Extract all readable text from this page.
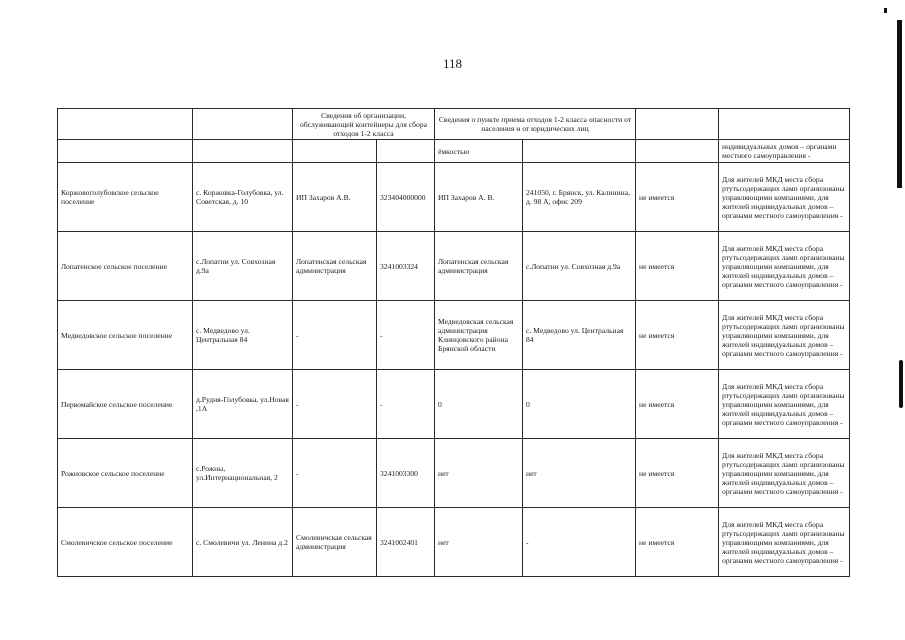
118
		Сведения об организации, обслуживающей контейнеры для сбора отходов 1-2 класса		Сведения о пункте приема отходов 1-2 класса опасности от населения и от юридических лиц			
				ёмкостью			индивидуальных домов – органами местного самоуправления -
Коржовоголубовское сельское поселение	с. Коржовка-Голубовка, ул. Советская, д. 10	ИП Захаров А.В.	323404000000	ИП Захаров А. В.	241050, г. Брянск, ул. Калинина, д. 98 А, офис 209	не имеется	Для жителей МКД места сбора ртутьсодержащих ламп организованы управляющими компаниями, для жителей индивидуальных домов – органами местного самоуправления -
Лопатенское сельское поселение	с.Лопатни ул. Совхозная д.9а	Лопатенская сельская администрация	3241003324	Лопатенская сельская администрация	с.Лопатни ул. Совхозная д.9а	не имеется	Для жителей МКД места сбора ртутьсодержащих ламп организованы управляющими компаниями, для жителей индивидуальных домов – органами местного самоуправления -
Медведовское сельское поселение	с. Медведово ул. Центральная 84	-	-	Медведовская сельская администрация Клинцовского района Брянской области	с. Медведово ул. Центральная 84	не имеется	Для жителей МКД места сбора ртутьсодержащих ламп организованы управляющими компаниями, для жителей индивидуальных домов – органами местного самоуправления -
Первомайское сельское поселение	д.Рудня-Голубовка, ул.Новая ,1А	-	-	0	0	не имеется	Для жителей МКД места сбора ртутьсодержащих ламп организованы управляющими компаниями, для жителей индивидуальных домов – органами местного самоуправления -
Рожновское сельское поселение	с.Рожны, ул.Интернациональная, 2	-	3241003300	нет	нет	не имеется	Для жителей МКД места сбора ртутьсодержащих ламп организованы управляющими компаниями, для жителей индивидуальных домов – органами местного самоуправления -
Смолевичское сельское поселение	с. Смолевичи ул. Ленина д.2	Смолевичская сельская администрация	3241002401	нет	-	не имеется	Для жителей МКД места сбора ртутьсодержащих ламп организованы управляющими компаниями, для жителей индивидуальных домов – органами местного самоуправления -
